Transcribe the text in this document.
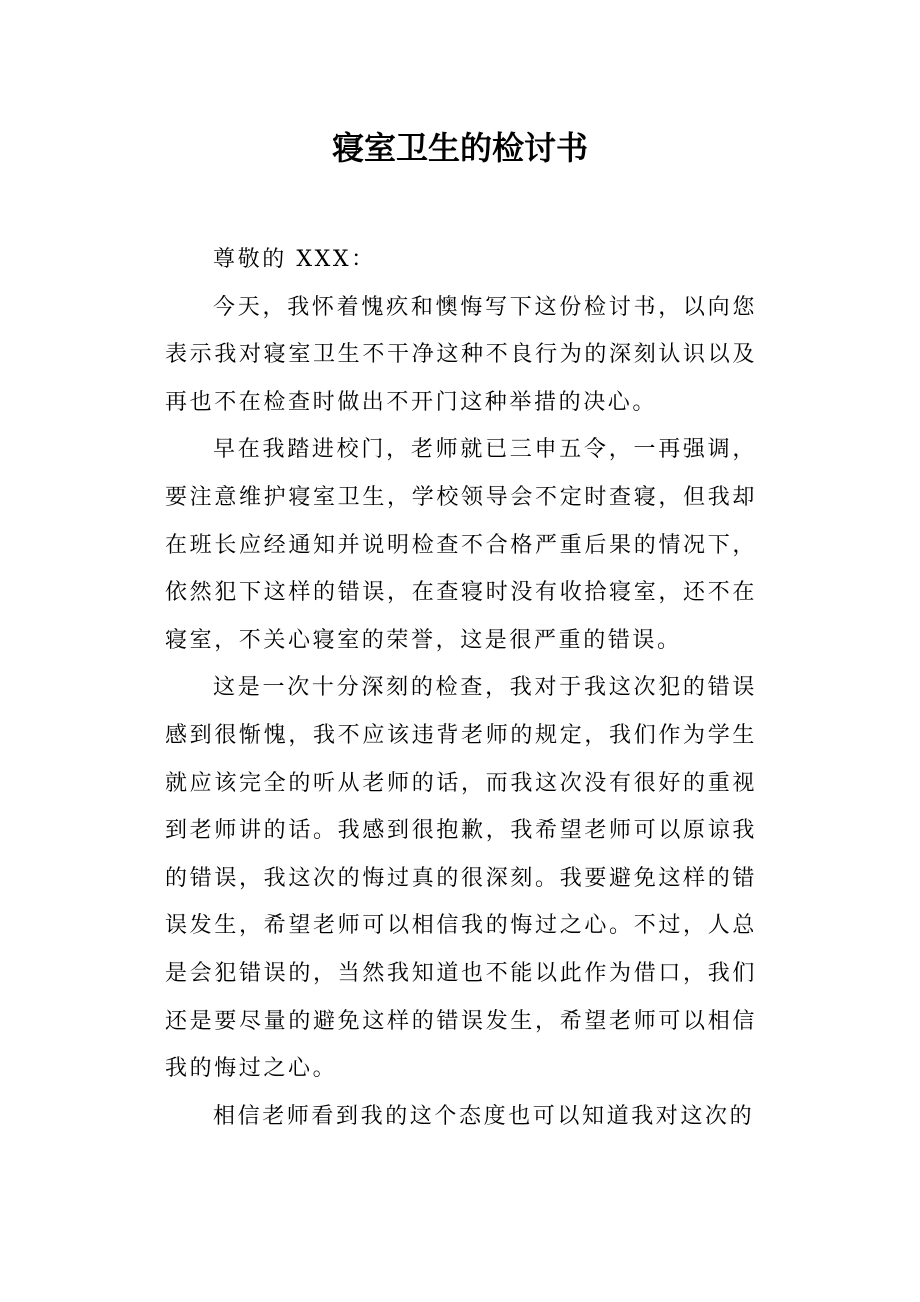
寝室卫生的检讨书

尊敬的 XXX：

今天，我怀着愧疚和懊悔写下这份检讨书，以向您表示我对寝室卫生不干净这种不良行为的深刻认识以及再也不在检查时做出不开门这种举措的决心。

早在我踏进校门，老师就已三申五令，一再强调，要注意维护寝室卫生，学校领导会不定时查寝，但我却在班长应经通知并说明检查不合格严重后果的情况下，依然犯下这样的错误，在查寝时没有收拾寝室，还不在寝室，不关心寝室的荣誉，这是很严重的错误。

这是一次十分深刻的检查，我对于我这次犯的错误感到很惭愧，我不应该违背老师的规定，我们作为学生就应该完全的听从老师的话，而我这次没有很好的重视到老师讲的话。我感到很抱歉，我希望老师可以原谅我的错误，我这次的悔过真的很深刻。我要避免这样的错误发生，希望老师可以相信我的悔过之心。不过，人总是会犯错误的，当然我知道也不能以此作为借口，我们还是要尽量的避免这样的错误发生，希望老师可以相信我的悔过之心。

相信老师看到我的这个态度也可以知道我对这次的
